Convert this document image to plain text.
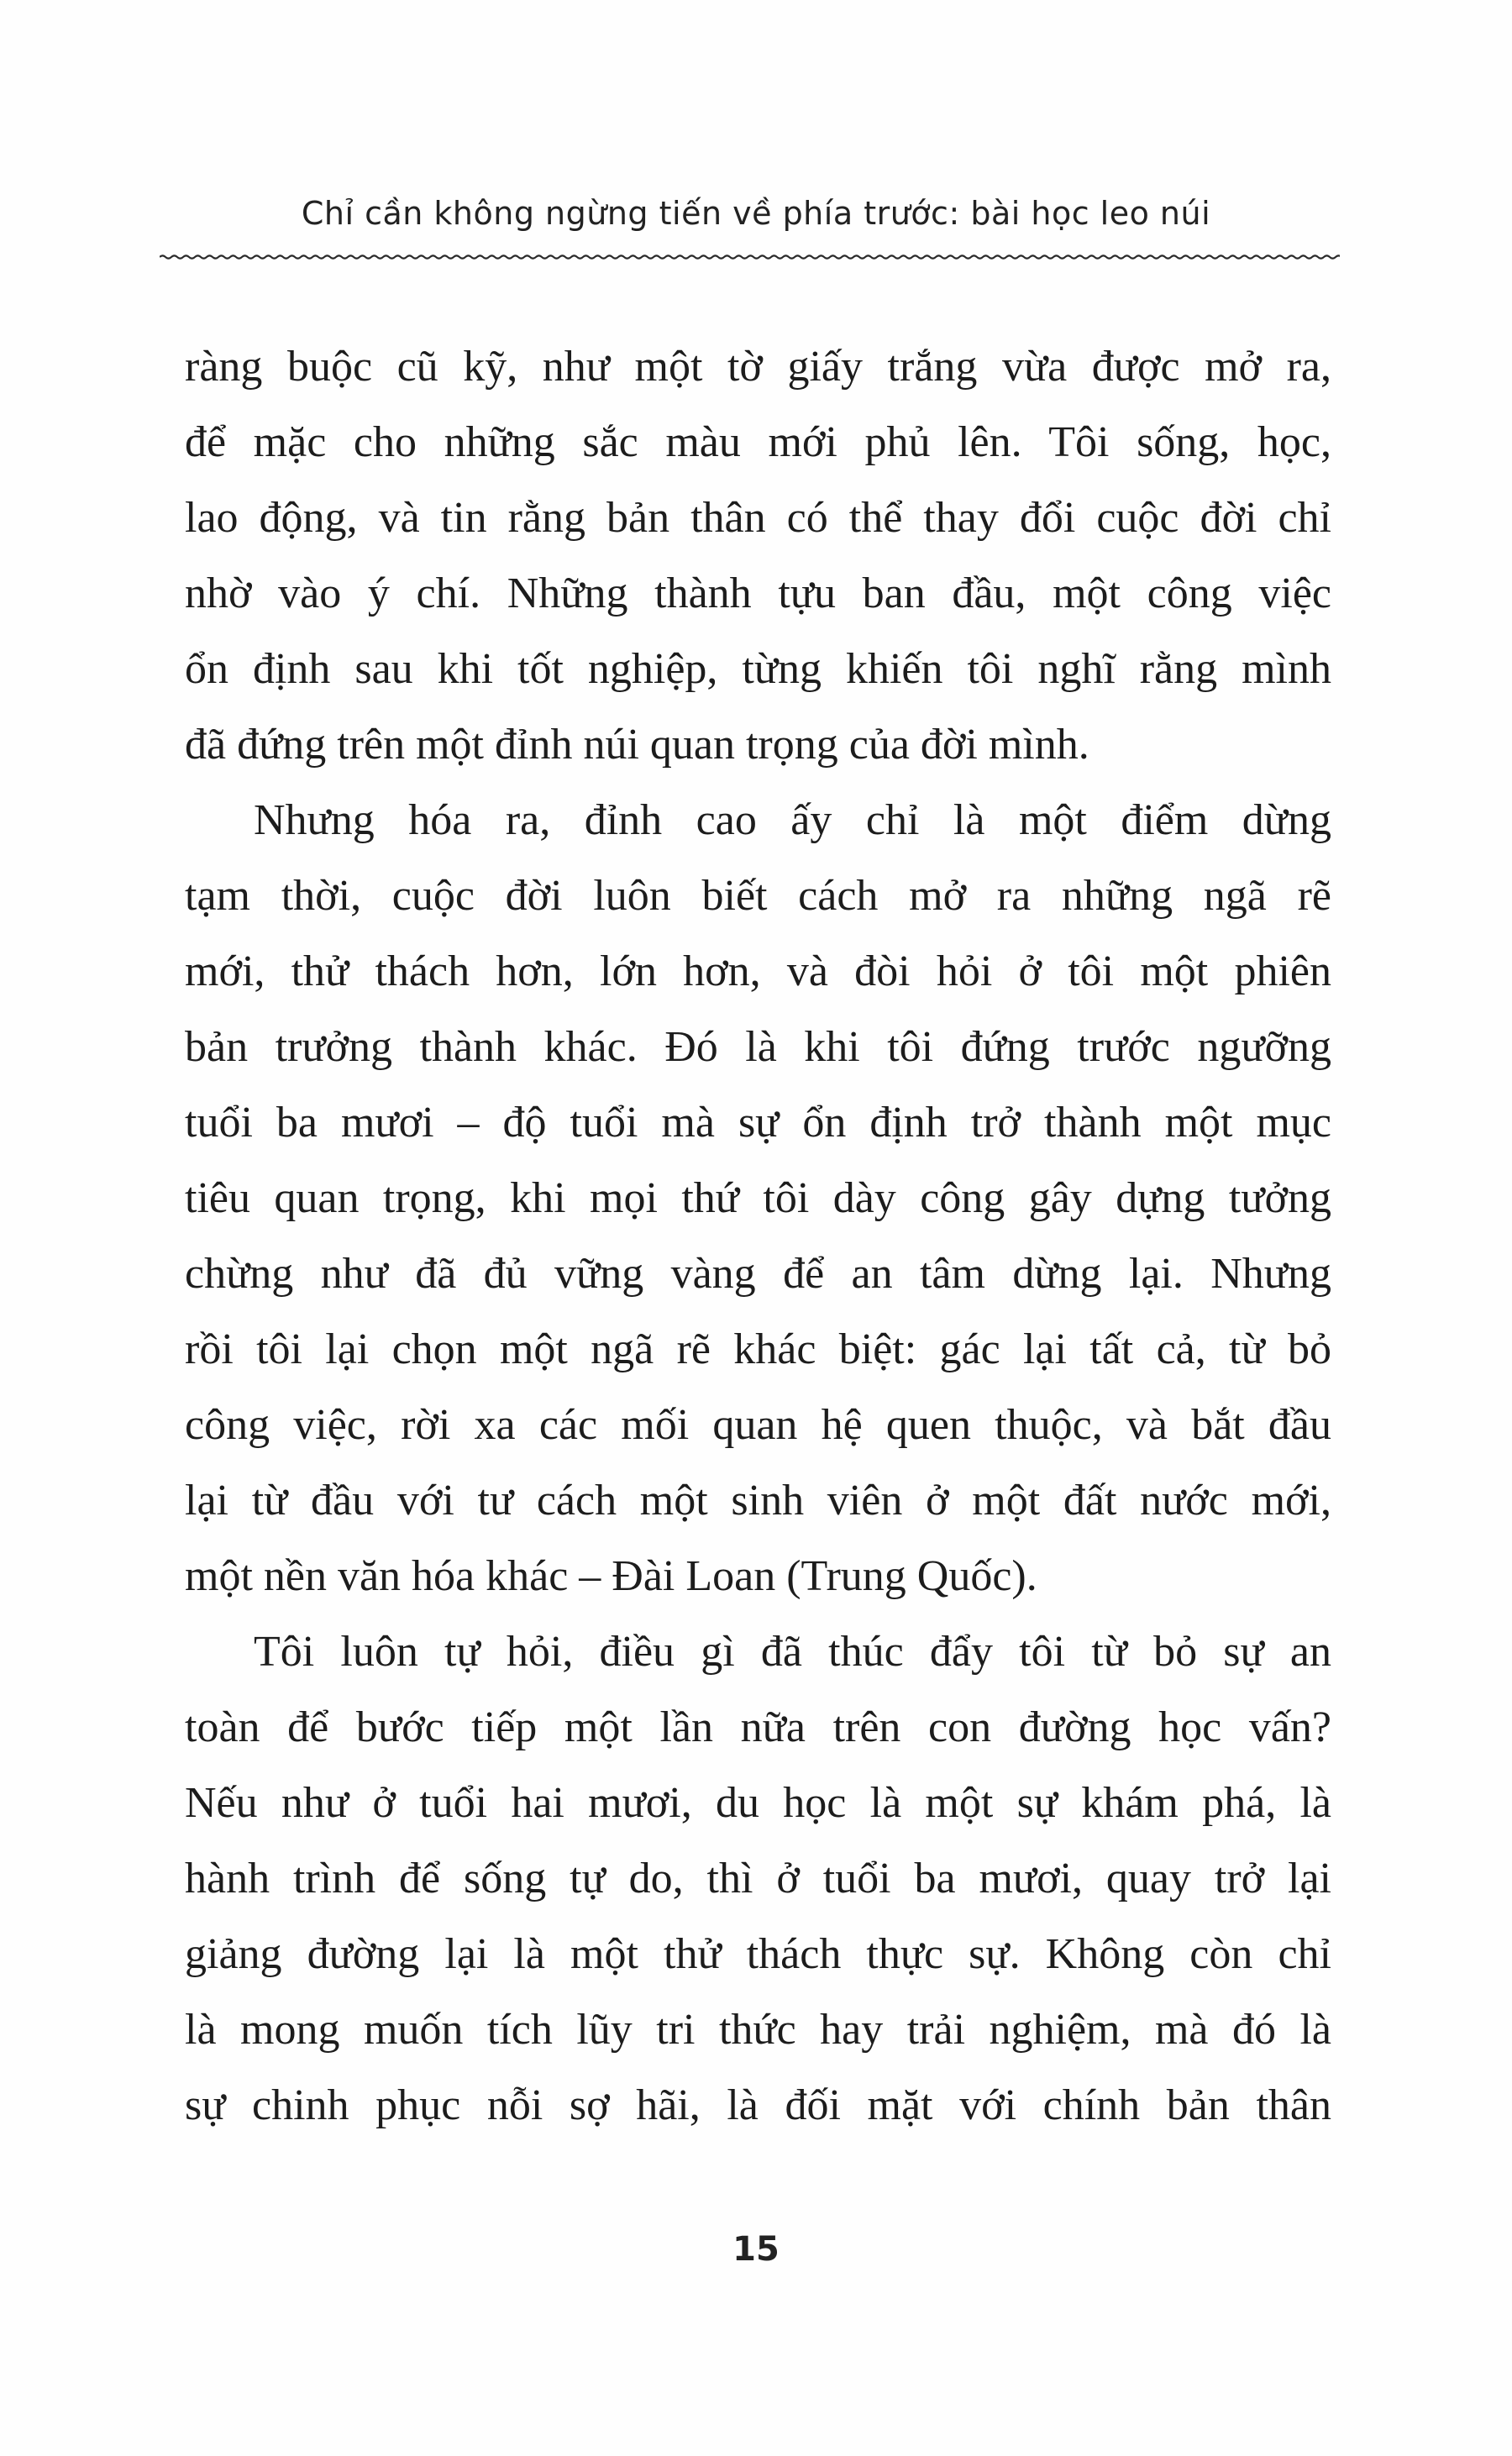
Chỉ cần không ngừng tiến về phía trước: bài học leo núi
ràng buộc cũ kỹ, như một tờ giấy trắng vừa được mở ra,
để mặc cho những sắc màu mới phủ lên. Tôi sống, học,
lao động, và tin rằng bản thân có thể thay đổi cuộc đời chỉ
nhờ vào ý chí. Những thành tựu ban đầu, một công việc
ổn định sau khi tốt nghiệp, từng khiến tôi nghĩ rằng mình
đã đứng trên một đỉnh núi quan trọng của đời mình.
Nhưng hóa ra, đỉnh cao ấy chỉ là một điểm dừng
tạm thời, cuộc đời luôn biết cách mở ra những ngã rẽ
mới, thử thách hơn, lớn hơn, và đòi hỏi ở tôi một phiên
bản trưởng thành khác. Đó là khi tôi đứng trước ngưỡng
tuổi ba mươi – độ tuổi mà sự ổn định trở thành một mục
tiêu quan trọng, khi mọi thứ tôi dày công gây dựng tưởng
chừng như đã đủ vững vàng để an tâm dừng lại. Nhưng
rồi tôi lại chọn một ngã rẽ khác biệt: gác lại tất cả, từ bỏ
công việc, rời xa các mối quan hệ quen thuộc, và bắt đầu
lại từ đầu với tư cách một sinh viên ở một đất nước mới,
một nền văn hóa khác – Đài Loan (Trung Quốc).
Tôi luôn tự hỏi, điều gì đã thúc đẩy tôi từ bỏ sự an
toàn để bước tiếp một lần nữa trên con đường học vấn?
Nếu như ở tuổi hai mươi, du học là một sự khám phá, là
hành trình để sống tự do, thì ở tuổi ba mươi, quay trở lại
giảng đường lại là một thử thách thực sự. Không còn chỉ
là mong muốn tích lũy tri thức hay trải nghiệm, mà đó là
sự chinh phục nỗi sợ hãi, là đối mặt với chính bản thân
15
